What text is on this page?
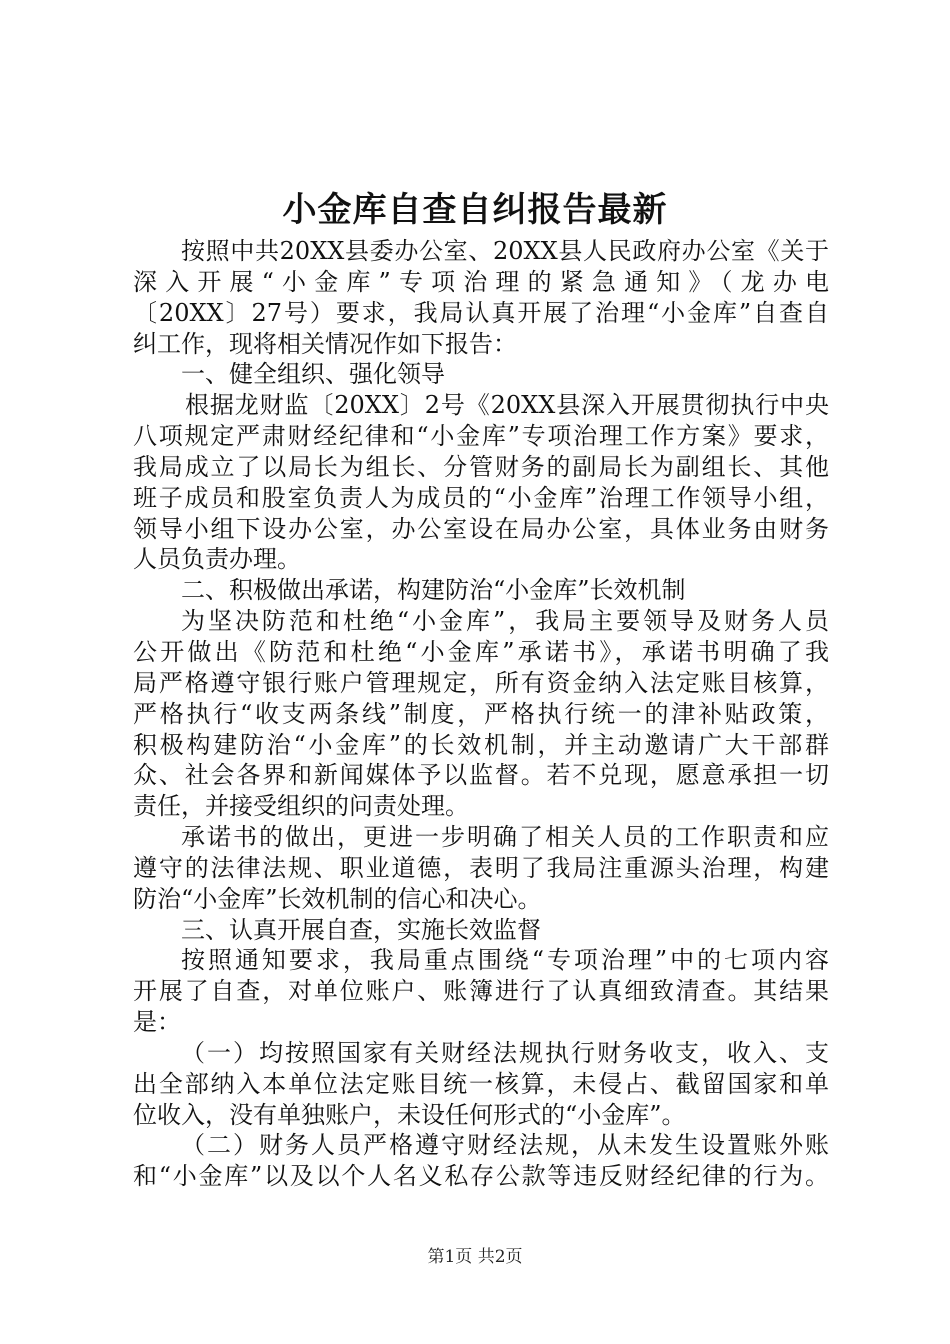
小金库自查自纠报告最新
按照中共20XX县委办公室、20XX县人民政府办公室《关于
深入开展“小金库”专项治理的紧急通知》（龙办电
〔20XX〕27号）要求，我局认真开展了治理“小金库”自查自
纠工作，现将相关情况作如下报告：
一、健全组织、强化领导
根据龙财监〔20XX〕2号《20XX县深入开展贯彻执行中央
八项规定严肃财经纪律和“小金库”专项治理工作方案》要求，
我局成立了以局长为组长、分管财务的副局长为副组长、其他
班子成员和股室负责人为成员的“小金库”治理工作领导小组，
领导小组下设办公室，办公室设在局办公室，具体业务由财务
人员负责办理。
二、积极做出承诺，构建防治“小金库”长效机制
为坚决防范和杜绝“小金库”，我局主要领导及财务人员
公开做出《防范和杜绝“小金库”承诺书》，承诺书明确了我
局严格遵守银行账户管理规定，所有资金纳入法定账目核算，
严格执行“收支两条线”制度，严格执行统一的津补贴政策，
积极构建防治“小金库”的长效机制，并主动邀请广大干部群
众、社会各界和新闻媒体予以监督。若不兑现，愿意承担一切
责任，并接受组织的问责处理。
承诺书的做出，更进一步明确了相关人员的工作职责和应
遵守的法律法规、职业道德，表明了我局注重源头治理，构建
防治“小金库”长效机制的信心和决心。
三、认真开展自查，实施长效监督
按照通知要求，我局重点围绕“专项治理”中的七项内容
开展了自查，对单位账户、账簿进行了认真细致清查。其结果
是：
（一）均按照国家有关财经法规执行财务收支，收入、支
出全部纳入本单位法定账目统一核算，未侵占、截留国家和单
位收入，没有单独账户，未设任何形式的“小金库”。
（二）财务人员严格遵守财经法规，从未发生设置账外账
和“小金库”以及以个人名义私存公款等违反财经纪律的行为。
第1页 共2页
